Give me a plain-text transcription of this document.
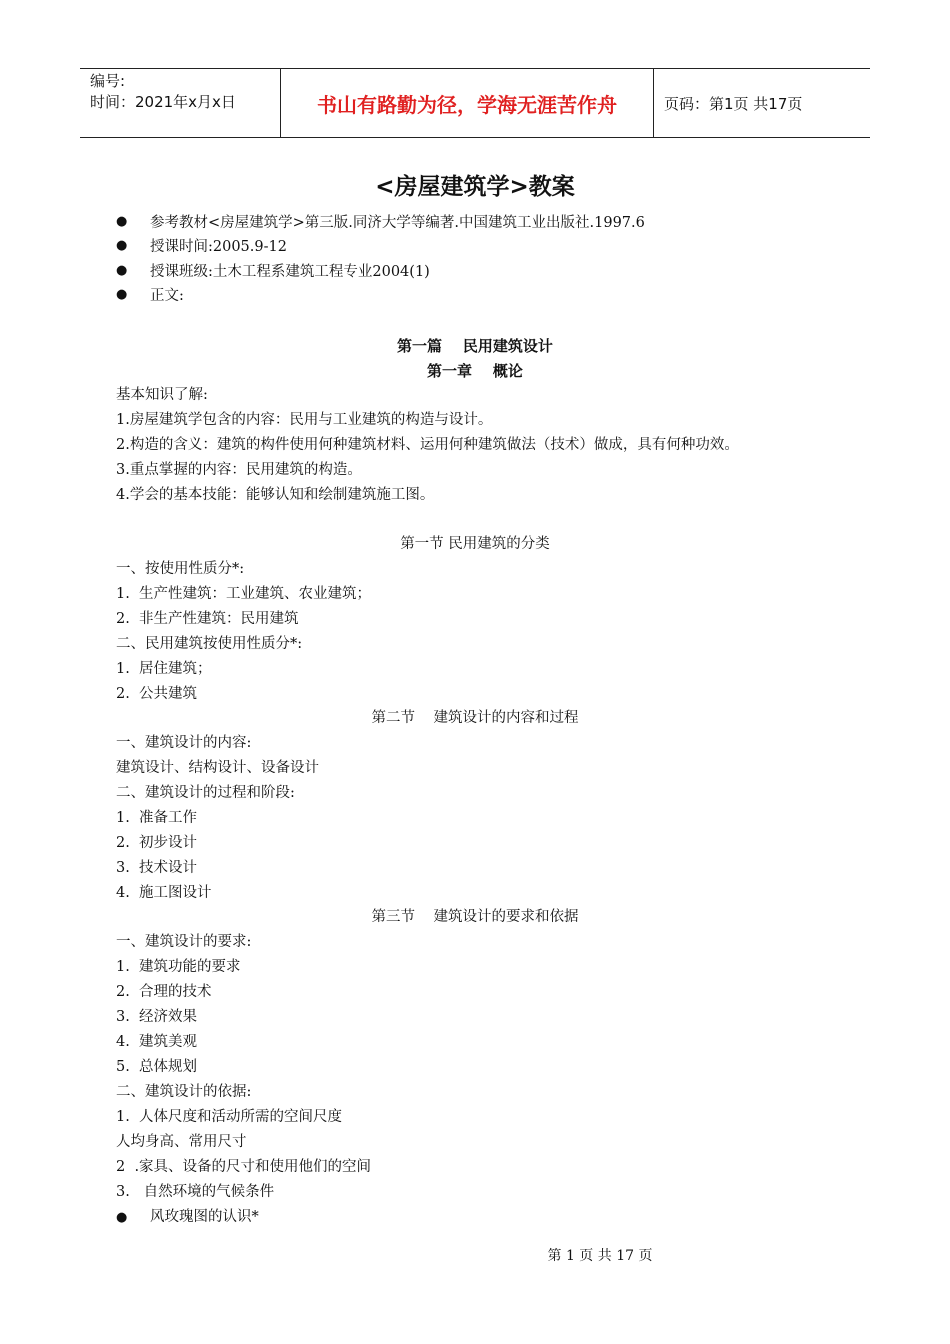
编号:
时间：2021年x月x日	书山有路勤为径，学海无涯苦作舟	页码：第1页 共17页
<房屋建筑学>教案
●	参考教材<房屋建筑学>第三版.同济大学等编著.中国建筑工业出版社.1997.6
●	授课时间:2005.9-12
●	授课班级:土木工程系建筑工程专业2004(1)
●	正文:
第一篇    民用建筑设计
第一章    概论
基本知识了解:
1.房屋建筑学包含的内容：民用与工业建筑的构造与设计。
2.构造的含义：建筑的构件使用何种建筑材料、运用何种建筑做法（技术）做成，具有何种功效。
3.重点掌握的内容：民用建筑的构造。
4.学会的基本技能：能够认知和绘制建筑施工图。
第一节 民用建筑的分类
一、按使用性质分*:
1.  生产性建筑：工业建筑、农业建筑；
2.  非生产性建筑：民用建筑
二、民用建筑按使用性质分*:
1.  居住建筑；
2.  公共建筑
第二节    建筑设计的内容和过程
一、建筑设计的内容:
建筑设计、结构设计、设备设计
二、建筑设计的过程和阶段:
1.  准备工作
2.  初步设计
3.  技术设计
4.  施工图设计
第三节    建筑设计的要求和依据
一、建筑设计的要求:
1.  建筑功能的要求
2.  合理的技术
3.  经济效果
4.  建筑美观
5.  总体规划
二、建筑设计的依据:
1.  人体尺度和活动所需的空间尺度
人均身高、常用尺寸
2  .家具、设备的尺寸和使用他们的空间
3.   自然环境的气候条件
●	风玫瑰图的认识*
第 1 页 共 17 页
